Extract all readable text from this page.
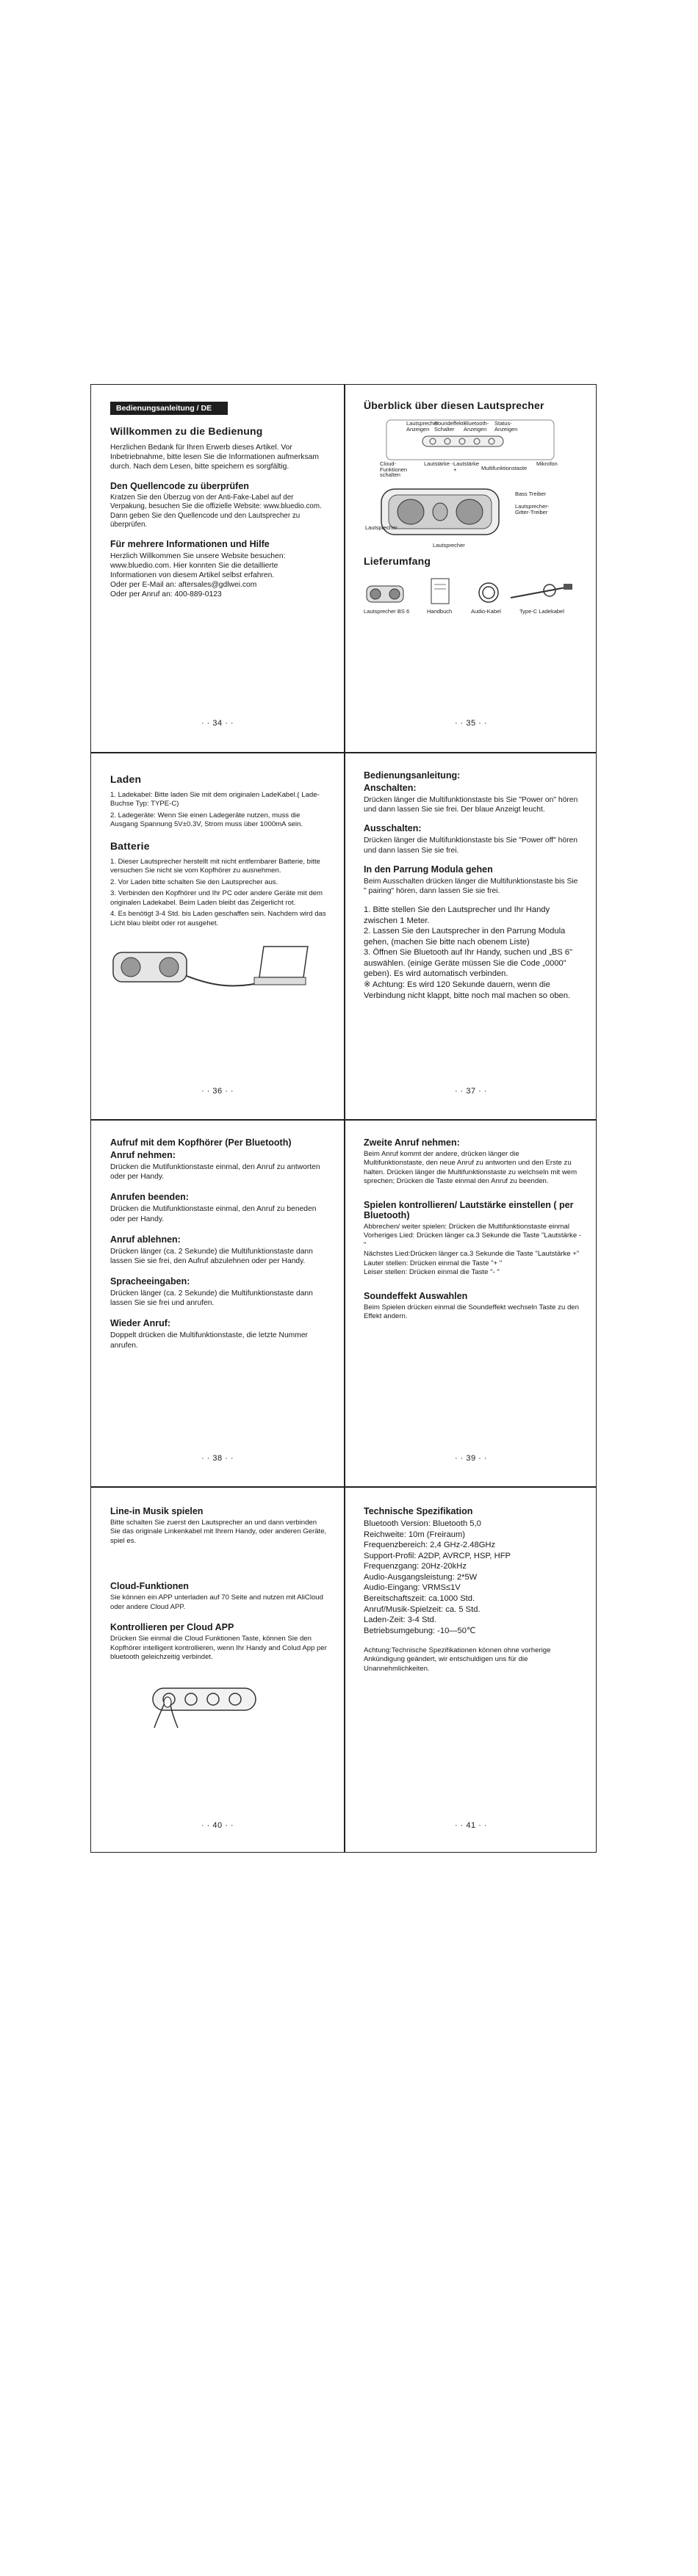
Bedienungsanleitung / DE
Willkommen zu die Bedienung

Herzlichen Bedank für Ihren Erwerb dieses Artikel. Vor Inbetriebnahme, bitte lesen Sie die Informationen aufmerksam durch. Nach dem Lesen, bitte speichern es sorgfältig.

Den Quellencode zu überprüfen

Kratzen Sie den Überzug von der Anti-Fake-Label auf der Verpakung, besuchen Sie die offizielle Website: www.bluedio.com. Dann geben Sie den Quellencode und den Lautsprecher zu überprüfen.

Für mehrere Informationen und Hilfe

Herzlich Willkommen Sie unsere Website besuchen:

www.bluedio.com. Hier konnten Sie die detaillierte

Informationen von diesem Artikel selbst erfahren.

Oder per E-Mail an: aftersales@gdlwei.com

Oder per Anruf an: 400-889-0123

· · 34 · ·
Überblick über diesen Lautsprecher
Lautsprecher Anzeigen
Soundeffekt- Schalter
Bluetooth- Anzeigen
Status- Anzeigen
Cloud-Funktionen schalten
Lautstärke - Lautstärke +	Multifunktionstaste
Mikrofon
Bass Treiber
Lautsprecher- Gitter-Treiber
Lautsprecher
Lautsprecher
Lieferumfang
Lautsprecher BS 6	Handbuch	Audio-Kabel	Type-C Ladekabel
· · 35 · ·
Laden

1. Ladekabel: Bitte laden Sie mit dem originalen LadeKabel.( Lade-Buchse Typ: TYPE-C)

2. Ladegeräte: Wenn Sie einen Ladegeräte nutzen, muss die Ausgang Spannung 5V±0.3V, Strom muss über 1000mA sein.

Batterie

1. Dieser Lautsprecher herstellt mit nicht entfernbarer Batterie, bitte versuchen Sie nicht sie vom Kopfhörer zu ausnehmen.

2. Vor Laden bitte schalten Sie den Lautsprecher aus.

3. Verbinden den Kopfhörer und Ihr PC oder andere Geräte mit dem originalen Ladekabel. Beim Laden bleibt das Zeigerlicht rot.

4. Es benötigt 3-4 Std. bis Laden geschaffen sein. Nachdem wird das Licht blau bleibt oder rot ausgehet.

· · 36 · ·
Bedienungsanleitung:
Anschalten:

Drücken länger die Multifunktionstaste bis Sie "Power on" hören und dann lassen Sie sie frei. Der blaue Anzeigt leucht.

Ausschalten:

Drücken länger die Multifunktionstaste bis Sie "Power off" hören und dann lassen Sie sie frei.

In den Parrung Modula gehen

Beim Ausschalten drücken länger die Multifunktionstaste bis Sie " pairing" hören, dann lassen Sie sie frei.

1. Bitte stellen Sie den Lautsprecher und Ihr Handy zwischen 1 Meter.

2. Lassen Sie den Lautsprecher in den Parrung Modula gehen, (machen Sie bitte nach obenem Liste)

3. Öffnen Sie Bluetooth auf Ihr Handy, suchen und „BS 6" auswählen. (einige Geräte müssen Sie die Code „0000" geben). Es wird automatisch verbinden.

※ Achtung: Es wird 120 Sekunde dauern, wenn die Verbindung nicht klappt, bitte noch mal machen so oben.

· · 37 · ·
Aufruf mit dem Kopfhörer (Per Bluetooth)
Anruf nehmen:

Drücken die Mutifunktionstaste einmal, den Anruf zu antworten oder per Handy.

Anrufen beenden:

Drücken die Mutifunktionstaste einmal, den Anruf zu beneden oder per Handy.

Anruf ablehnen:

Drücken länger (ca. 2 Sekunde) die Multifunktionstaste dann lassen Sie sie frei, den Aufruf abzulehnen oder per Handy.

Spracheeingaben:

Drücken länger (ca. 2 Sekunde) die Multifunktionstaste dann lassen Sie sie frei und anrufen.

Wieder Anruf:

Doppelt drücken die Multifunktionstaste, die letzte Nummer anrufen.

· · 38 · ·
Zweite Anruf nehmen:

Beim Anruf kommt der andere, drücken länger die Multifunktionstaste, den neue Anruf zu antworten und den Erste zu halten. Drücken länger die Multifunktionstaste zu welchseln mit wem sprechen; Drücken die Taste einmal den Anruf zu beenden.

Spielen kontrollieren/ Lautstärke einstellen ( per Bluetooth)

Abbrechen/ weiter spielen: Drücken die Multifunktionstaste einmal

Vorheriges Lied: Drücken länger ca.3 Sekunde die Taste "Lautstärke - "

Nächstes Lied:Drücken länger ca.3 Sekunde die Taste "Lautstärke +"

Lauter stellen: Drücken einmal die Taste "+ "

Leiser stellen: Drücken einmal die Taste "- "

Soundeffekt Auswahlen

Beim Spielen drücken einmal die Soundeffekt wechseln Taste zu den Effekt andern.

· · 39 · ·
Line-in Musik spielen

Bitte schalten Sie zuerst den Lautsprecher an und dann verbinden Sie das originale Linkenkabel mit Ihrem Handy, oder anderen Geräte, spiel es.

Cloud-Funktionen

Sie können ein APP unterladen auf 70 Seite and nutzen mit AliCloud oder andere Cloud APP.

Kontrollieren per Cloud APP

Drücken Sie einmal die Cloud Funktionen Taste, können Sie den Kopfhörer intelligent kontrollieren, wenn Ihr Handy and Colud App per bluetooth geleichzeitig verbindet.

· · 40 · ·
Technische Spezifikation

Bluetooth Version: Bluetooth 5,0

Reichweite: 10m (Freiraum)

Frequenzbereich: 2,4 GHz-2.48GHz

Support-Profil: A2DP, AVRCP, HSP, HFP

Frequenzgang: 20Hz-20kHz

Audio-Ausgangsleistung: 2*5W

Audio-Eingang: VRMS≤1V

Bereitschaftszeit: ca.1000 Std.

Anruf/Musik-Spielzeit: ca. 5 Std.

Laden-Zeit: 3-4 Std.

Betriebsumgebung: -10—50℃

Achtung:Technische Spezifikationen können ohne vorherige Ankündigung geändert, wir entschuldigen uns für die Unannehmlichkeiten.

· · 41 · ·
